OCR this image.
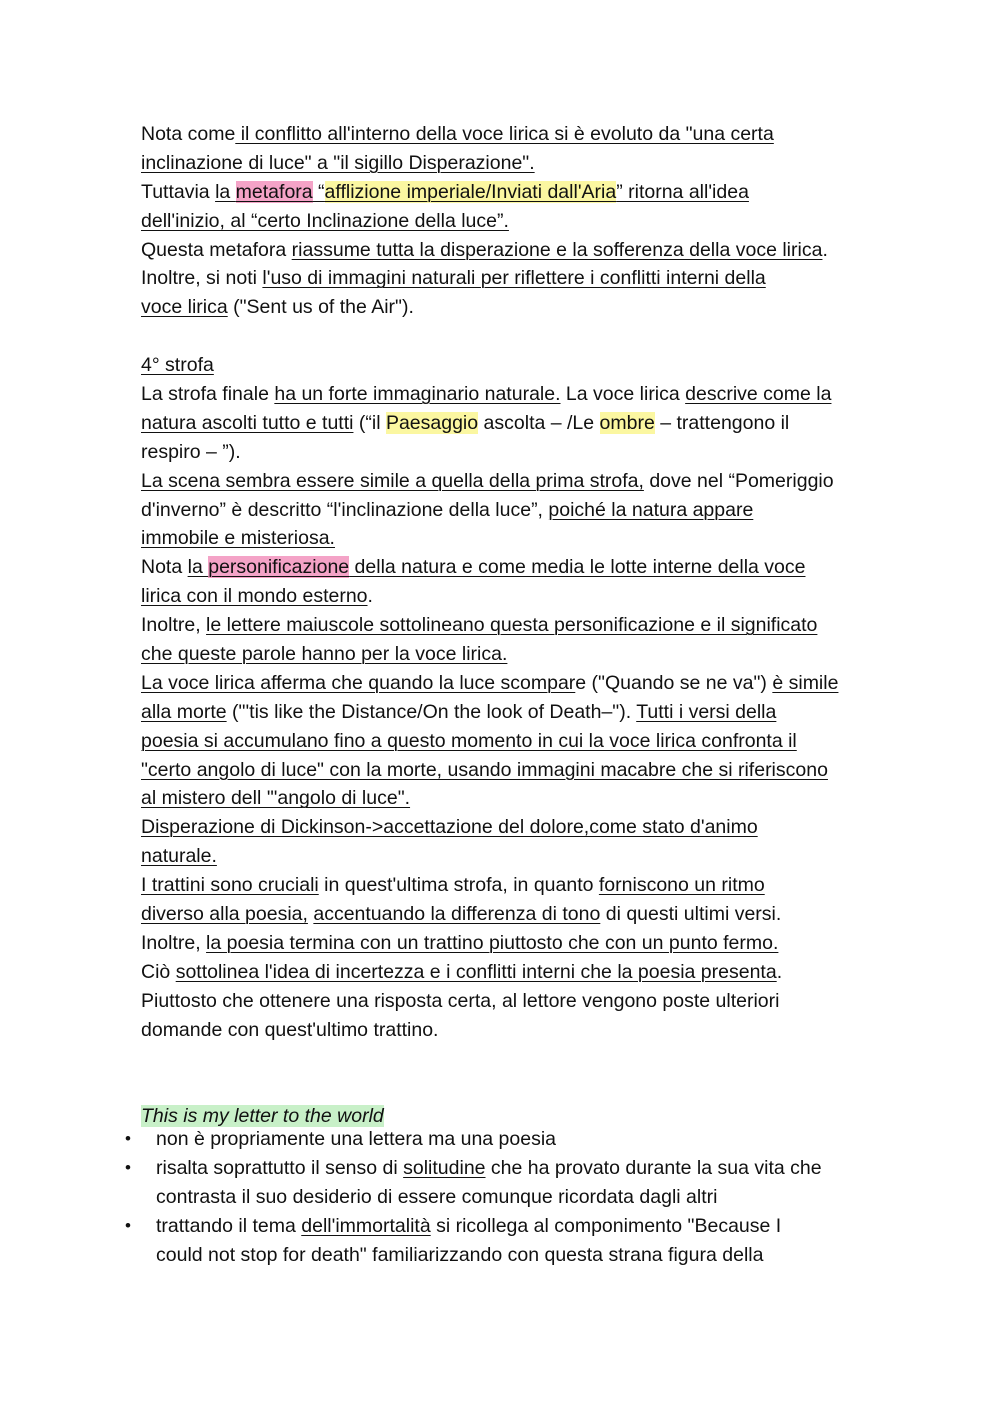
Nota come il conflitto all'interno della voce lirica si è evoluto da "una certa
inclinazione di luce" a "il sigillo Disperazione".
Tuttavia la metafora “afflizione imperiale/Inviati dall'Aria” ritorna all'idea
dell'inizio, al “certo Inclinazione della luce”.
Questa metafora riassume tutta la disperazione e la sofferenza della voce lirica.
Inoltre, si noti l'uso di immagini naturali per riflettere i conflitti interni della
voce lirica ("Sent us of the Air").
4° strofa
La strofa finale ha un forte immaginario naturale. La voce lirica descrive come la
natura ascolti tutto e tutti (“il Paesaggio ascolta – /Le ombre – trattengono il
respiro – ”).
La scena sembra essere simile a quella della prima strofa, dove nel “Pomeriggio
d'inverno” è descritto “l'inclinazione della luce”, poiché la natura appare
immobile e misteriosa.
Nota la personificazione della natura e come media le lotte interne della voce
lirica con il mondo esterno.
Inoltre, le lettere maiuscole sottolineano questa personificazione e il significato
che queste parole hanno per la voce lirica.
La voce lirica afferma che quando la luce scompare ("Quando se ne va") è simile
alla morte ("'tis like the Distance/On the look of Death–"). Tutti i versi della
poesia si accumulano fino a questo momento in cui la voce lirica confronta il
"certo angolo di luce" con la morte, usando immagini macabre che si riferiscono
al mistero dell '"angolo di luce".
Disperazione di Dickinson->accettazione del dolore,come stato d'animo
naturale.
I trattini sono cruciali in quest'ultima strofa, in quanto forniscono un ritmo
diverso alla poesia, accentuando la differenza di tono di questi ultimi versi.
Inoltre, la poesia termina con un trattino piuttosto che con un punto fermo.
Ciò sottolinea l'idea di incertezza e i conflitti interni che la poesia presenta.
Piuttosto che ottenere una risposta certa, al lettore vengono poste ulteriori
domande con quest'ultimo trattino.
This is my letter to the world
• non è propriamente una lettera ma una poesia
• risalta soprattutto il senso di solitudine che ha provato durante la sua vita che
contrasta il suo desiderio di essere comunque ricordata dagli altri
• trattando il tema dell'immortalità si ricollega al componimento "Because I
could not stop for death" familiarizzando con questa strana figura della
